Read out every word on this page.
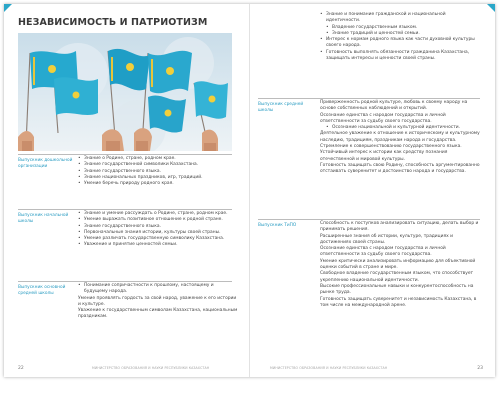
НЕЗАВИСИМОСТЬ И ПАТРИОТИЗМ
Выпускник дошкольной организации
• Знание о Родине, стране, родном крае.
• Знание государственной символики Казахстана.
• Знание государственного языка.
• Знание национальных праздников, игр, традиций.
• Умение беречь природу родного края.
Выпускник начальной школы
• Знание и умение рассуждать о Родине, стране, родном крае.
• Умение выражать позитивное отношение к родной стране.
• Знание государственного языка.
• Первоначальные знания истории, культуры своей страны.
• Умение различать государственную символику Казахстана.
• Уважение и принятие ценностей семьи.
Выпускник основной средней школы
• Понимание сопричастности к прошлому, настоящему и будущему народа.
Умение проявлять гордость за свой народ, уважение к его истории и культуре.
Уважение к государственным символам Казахстана, национальным праздникам.
22	МИНИСТЕРСТВО ОБРАЗОВАНИЯ И НАУКИ РЕСПУБЛИКИ КАЗАХСТАН
• Знание и понимание гражданской и национальной идентичности.
• Владение государственным языком.
• Знание традиций и ценностей семьи.
• Интерес к нормам родного языка как части духовной культуры своего народа.
• Готовность выполнять обязанности гражданина Казахстана, защищать интересы и ценности своей страны.
Выпускник средней школы
Приверженность родной культуре, любовь к своему народу на основе собственных наблюдений и открытий.
Осознание единства с народом государства и личной ответственности за судьбу своего государства.
• Осознание национальной и культурной идентичности.
Деятельное уважение к отношение к историческому и культурному наследию, традициям, праздникам народа и государства.
Стремление к совершенствованию государственного языка.
Устойчивый интерес к истории как средству познания отечественной и мировой культуры.
Готовность защищать свою Родину, способность аргументированно отстаивать суверенитет и достоинство народа и государства.
Выпускник ТиПО	Способность к поступков анализировать ситуацию, делать выбор и принимать решения.
Расширенные знания об истории, культуре, традициях и достижениях своей страны.
Осознание единства с народом государства и личной ответственности за судьбу своего государства.
Умение критически анализировать информацию для объективной оценки событий в стране и мире.
Свободное владение государственным языком, что способствует укреплению национальной идентичности.
Высокие профессиональные навыки и конкурентоспособность на рынке труда.
Готовность защищать суверенитет и независимость Казахстана, в том числе на международной арене.
МИНИСТЕРСТВО ОБРАЗОВАНИЯ И НАУКИ РЕСПУБЛИКИ КАЗАХСТАН	23
